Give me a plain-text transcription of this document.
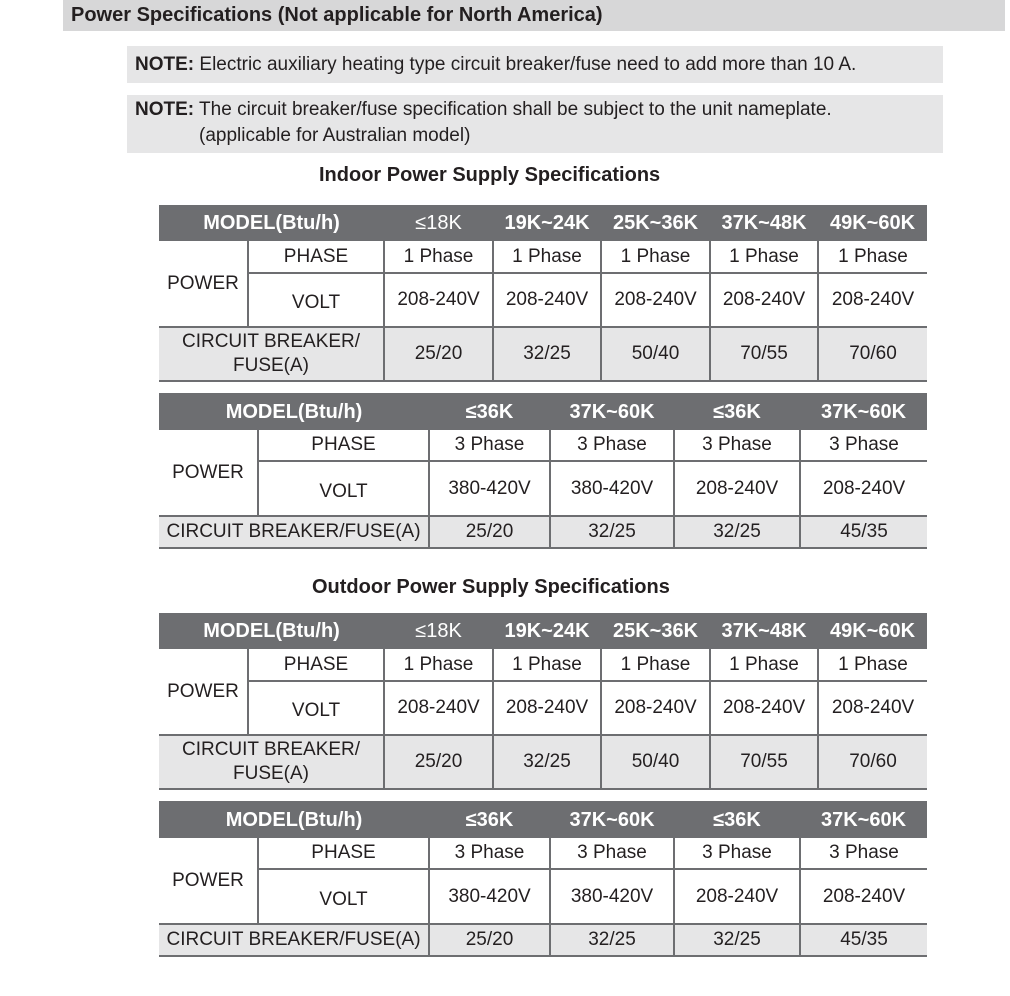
Power Specifications (Not applicable for North America)
NOTE: Electric auxiliary heating type circuit breaker/fuse need to add more than 10 A.
NOTE: The circuit breaker/fuse specification shall be subject to the unit nameplate.
(applicable for Australian model)
Indoor Power Supply Specifications
MODEL(Btu/h)		≤18K	19K~24K	25K~36K	37K~48K	49K~60K
POWER	PHASE	1 Phase	1 Phase	1 Phase	1 Phase	1 Phase
	VOLT	208-240V	208-240V	208-240V	208-240V	208-240V
CIRCUIT BREAKER/
FUSE(A)		25/20	32/25	50/40	70/55	70/60
MODEL(Btu/h)		≤36K	37K~60K	≤36K	37K~60K
POWER	PHASE	3 Phase	3 Phase	3 Phase	3 Phase
	VOLT	380-420V	380-420V	208-240V	208-240V
CIRCUIT BREAKER/FUSE(A)		25/20	32/25	32/25	45/35
Outdoor Power Supply Specifications
MODEL(Btu/h)		≤18K	19K~24K	25K~36K	37K~48K	49K~60K
POWER	PHASE	1 Phase	1 Phase	1 Phase	1 Phase	1 Phase
	VOLT	208-240V	208-240V	208-240V	208-240V	208-240V
CIRCUIT BREAKER/
FUSE(A)		25/20	32/25	50/40	70/55	70/60
MODEL(Btu/h)		≤36K	37K~60K	≤36K	37K~60K
POWER	PHASE	3 Phase	3 Phase	3 Phase	3 Phase
	VOLT	380-420V	380-420V	208-240V	208-240V
CIRCUIT BREAKER/FUSE(A)		25/20	32/25	32/25	45/35
